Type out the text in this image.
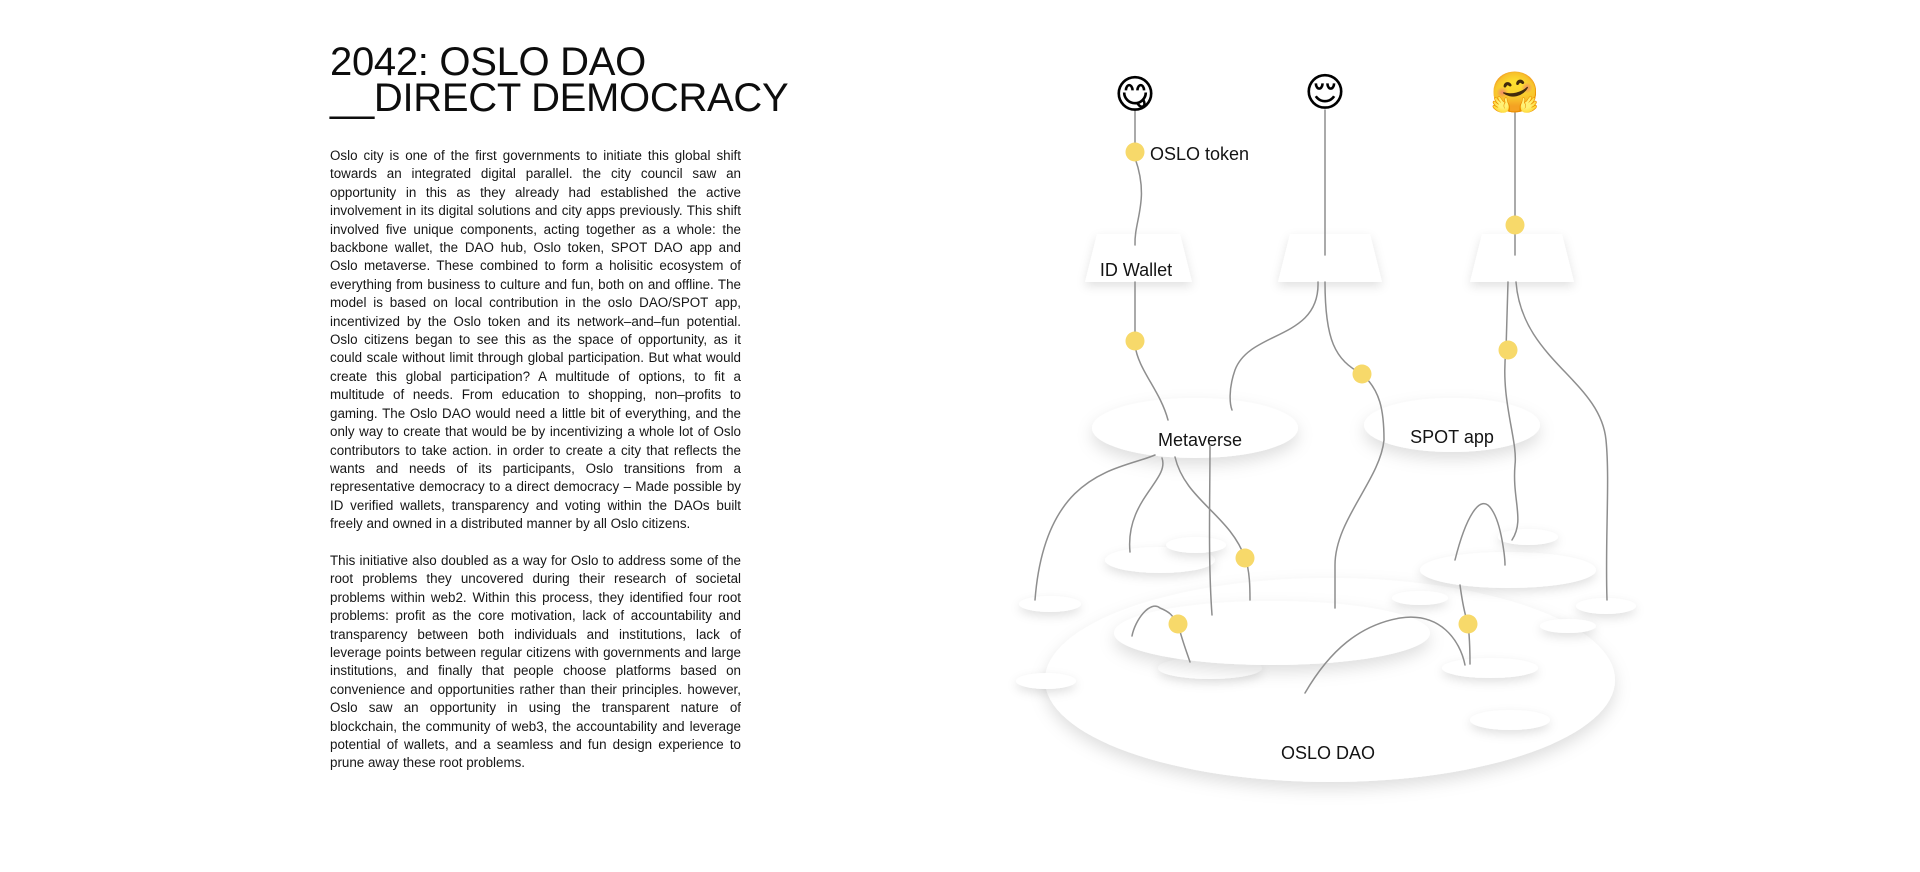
2042: OSLO DAO
__DIRECT DEMOCRACY

Oslo city is one of the first governments to initiate this global shift towards an integrated digital parallel. the city council saw an opportunity in this as they already had established the active involvement in its digital solutions and city apps previously. This shift involved five unique components, acting together as a whole: the backbone wallet, the DAO hub, Oslo token, SPOT DAO app and Oslo metaverse. These combined to form a holisitic ecosystem of everything from business to culture and fun, both on and offline. The model is based on local contribution in the oslo DAO/SPOT app, incentivized by the Oslo token and its network–and–fun potential. Oslo citizens began to see this as the space of opportunity, as it could scale without limit through global participation. But what would create this global participation? A multitude of options, to fit a multitude of needs. From education to shopping, non–profits to gaming. The Oslo DAO would need a little bit of everything, and the only way to create that would be by incentivizing a whole lot of Oslo contributors to take action. in order to create a city that reflects the wants and needs of its participants, Oslo transitions from a representative democracy to a direct democracy – Made possible by ID verified wallets, transparency and voting within the DAOs built freely and owned in a distributed manner by all Oslo citizens.

This initiative also doubled as a way for Oslo to address some of the root problems they uncovered during their research of societal problems within web2. Within this process, they identified four root problems: profit as the core motivation, lack of accountability and transparency between both individuals and institutions, lack of leverage points between regular citizens with governments and large institutions, and finally that people choose platforms based on convenience and opportunities rather than their principles. however, Oslo saw an opportunity in using the transparent nature of blockchain, the community of web3, the accountability and leverage potential of wallets, and a seamless and fun design experience to prune away these root problems.	OSLO DAO
Metaverse	SPOT app
ID Wallet
OSLO token
😋	😌	🤗
